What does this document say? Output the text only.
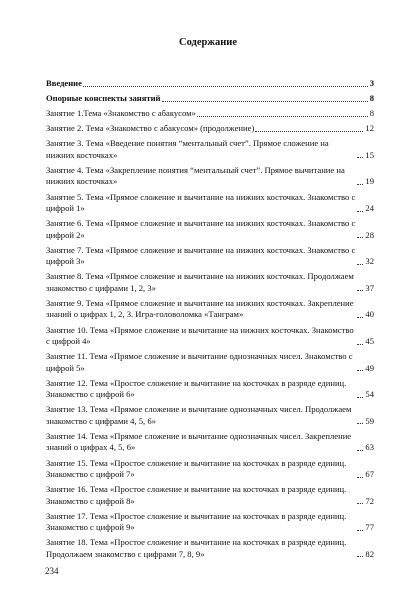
Содержание
Введение	3
Опорные конспекты занятий	8
Занятие 1.Тема «Знакомство с абакусом»	8
Занятие 2. Тема «Знакомство с абакусом» (продолжение)	12
Занятие 3. Тема «Введение понятия “ментальный счет”. Прямое сложение на нижних косточках»	15
Занятие 4. Тема «Закрепление понятия “ментальный счет”. Прямое вычитание на нижних косточках»	19
Занятие 5. Тема «Прямое сложение и вычитание на нижних косточках. Знакомство с цифрой 1»	24
Занятие 6. Тема «Прямое сложение и вычитание на нижних косточках. Знакомство с цифрой 2»	28
Занятие 7. Тема «Прямое сложение и вычитание на нижних косточках. Знакомство с цифрой 3»	32
Занятие 8. Тема «Прямое сложение и вычитание на нижних косточках. Продолжаем знакомство с цифрами 1, 2, 3»	37
Занятие 9. Тема «Прямое сложение и вычитание на нижних косточках. Закрепление знаний о цифрах 1, 2, 3. Игра-головоломка «Танграм»	40
Занятие 10. Тема «Прямое сложение и вычитание на нижних косточках. Знакомство с цифрой 4»	45
Занятие 11. Тема «Прямое сложение и вычитание однозначных чисел. Знакомство с цифрой 5»	49
Занятие 12. Тема «Простое сложение и вычитание на косточках в разряде единиц. Знакомство с цифрой 6»	54
Занятие 13. Тема «Прямое сложение и вычитание однозначных чисел. Продолжаем знакомство с цифрами 4, 5, 6»	59
Занятие 14. Тема «Прямое сложение и вычитание однозначных чисел. Закрепление знаний о цифрах 4, 5, 6»	63
Занятие 15. Тема «Простое сложение и вычитание на косточках в разряде единиц. Знакомство с цифрой 7»	67
Занятие 16. Тема «Простое сложение и вычитание на косточках в разряде единиц. Знакомство с цифрой 8»	72
Занятие 17. Тема «Простое сложение и вычитание на косточках в разряде единиц. Знакомство с цифрой 9»	77
Занятие 18. Тема «Простое сложение и вычитание на косточках в разряде единиц. Продолжаем знакомство с цифрами 7, 8, 9»	82
234
